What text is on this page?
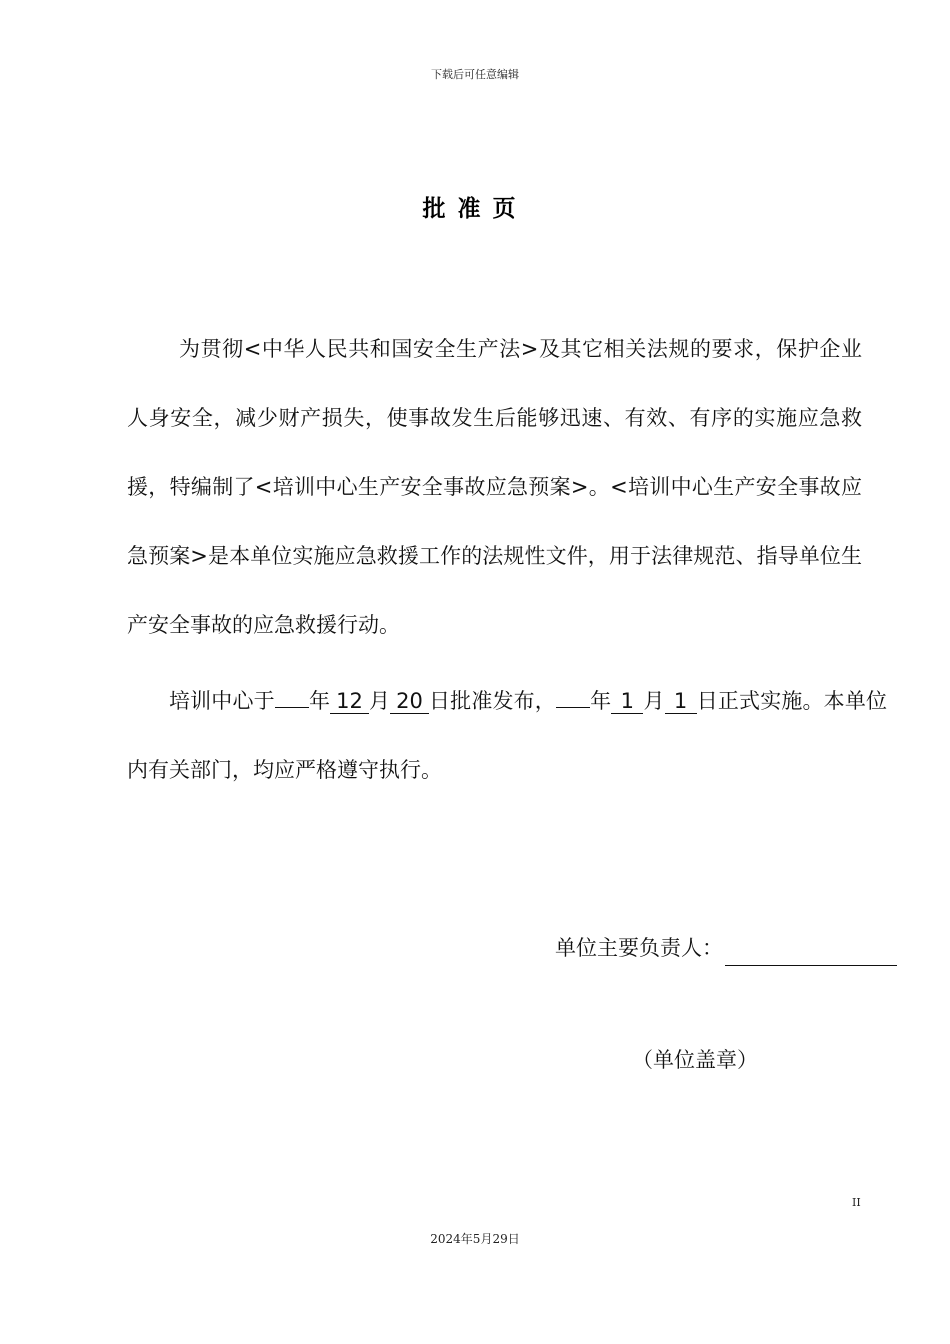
下载后可任意编辑
批准页
为贯彻<中华人民共和国安全生产法>及其它相关法规的要求，保护企业人身安全，减少财产损失，使事故发生后能够迅速、有效、有序的实施应急救援，特编制了<培训中心生产安全事故应急预案>。<培训中心生产安全事故应急预案>是本单位实施应急救援工作的法规性文件，用于法律规范、指导单位生产安全事故的应急救援行动。
培训中心于 年 12 月 20 日批准发布， 年 1 月 1 日正式实施。本单位内有关部门，均应严格遵守执行。
单位主要负责人：
（单位盖章）
II
2024年5月29日
